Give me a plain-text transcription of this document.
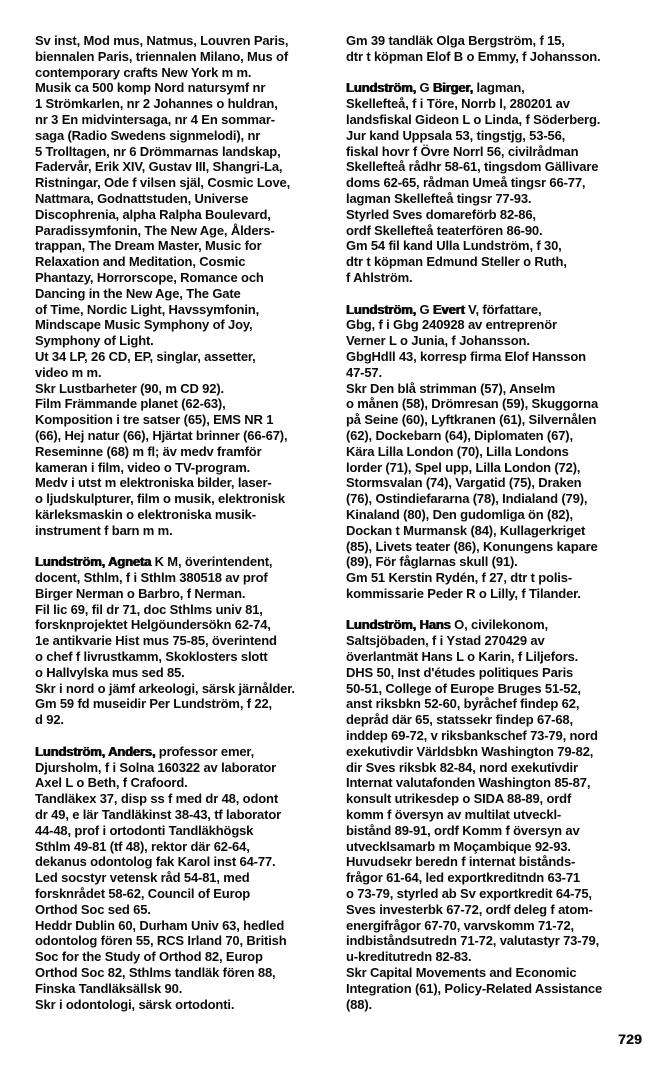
Sv inst, Mod mus, Natmus, Louvren Paris,
biennalen Paris, triennalen Milano, Mus of
contemporary crafts New York m m.
Musik ca 500 komp Nord natursymf nr
1 Strömkarlen, nr 2 Johannes o huldran,
nr 3 En midvintersaga, nr 4 En sommar-
saga (Radio Swedens signmelodi), nr
5 Trolltagen, nr 6 Drömmarnas landskap,
Fadervår, Erik XIV, Gustav III, Shangri-La,
Ristningar, Ode f vilsen själ, Cosmic Love,
Nattmara, Godnattstuden, Universe
Discophrenia, alpha Ralpha Boulevard,
Paradissymfonin, The New Age, Ålders-
trappan, The Dream Master, Music for
Relaxation and Meditation, Cosmic
Phantazy, Horrorscope, Romance och
Dancing in the New Age, The Gate
of Time, Nordic Light, Havssymfonin,
Mindscape Music Symphony of Joy,
Symphony of Light.
Ut 34 LP, 26 CD, EP, singlar, assetter,
video m m.
Skr Lustbarheter (90, m CD 92).
Film Främmande planet (62-63),
Komposition i tre satser (65), EMS NR 1
(66), Hej natur (66), Hjärtat brinner (66-67),
Reseminne (68) m fl; äv medv framför
kameran i film, video o TV-program.
Medv i utst m elektroniska bilder, laser-
o ljudskulpturer, film o musik, elektronisk
kärleksmaskin o elektroniska musik-
instrument f barn m m.
Lundström, Agneta K M, överintendent,
docent, Sthlm, f i Sthlm 380518 av prof
Birger Nerman o Barbro, f Nerman.
Fil lic 69, fil dr 71, doc Sthlms univ 81,
forsknprojektet Helgöundersökn 62-74,
1e antikvarie Hist mus 75-85, överintend
o chef f livrustkamm, Skoklosters slott
o Hallvylska mus sed 85.
Skr i nord o jämf arkeologi, särsk järnålder.
Gm 59 fd museidir Per Lundström, f 22,
d 92.
Lundström, Anders, professor emer,
Djursholm, f i Solna 160322 av laborator
Axel L o Beth, f Crafoord.
Tandläkex 37, disp ss f med dr 48, odont
dr 49, e lär Tandläkinst 38-43, tf laborator
44-48, prof i ortodonti Tandläkhögsk
Sthlm 49-81 (tf 48), rektor där 62-64,
dekanus odontolog fak Karol inst 64-77.
Led socstyr vetensk råd 54-81, med
forsknrådet 58-62, Council of Europ
Orthod Soc sed 65.
Heddr Dublin 60, Durham Univ 63, hedled
odontolog fören 55, RCS Irland 70, British
Soc for the Study of Orthod 82, Europ
Orthod Soc 82, Sthlms tandläk fören 88,
Finska Tandläksällsk 90.
Skr i odontologi, särsk ortodonti.
Gm 39 tandläk Olga Bergström, f 15,
dtr t köpman Elof B o Emmy, f Johansson.
Lundström, G Birger, lagman,
Skellefteå, f i Töre, Norrb l, 280201 av
landsfiskal Gideon L o Linda, f Söderberg.
Jur kand Uppsala 53, tingstjg, 53-56,
fiskal hovr f Övre Norrl 56, civilrådman
Skellefteå rådhr 58-61, tingsdom Gällivare
doms 62-65, rådman Umeå tingsr 66-77,
lagman Skellefteå tingsr 77-93.
Styrled Sves domareförb 82-86,
ordf Skellefteå teaterfören 86-90.
Gm 54 fil kand Ulla Lundström, f 30,
dtr t köpman Edmund Steller o Ruth,
f Ahlström.
Lundström, G Evert V, författare,
Gbg, f i Gbg 240928 av entreprenör
Verner L o Junia, f Johansson.
GbgHdll 43, korresp firma Elof Hansson
47-57.
Skr Den blå strimman (57), Anselm
o månen (58), Drömresan (59), Skuggorna
på Seine (60), Lyftkranen (61), Silvernålen
(62), Dockebarn (64), Diplomaten (67),
Kära Lilla London (70), Lilla Londons
lorder (71), Spel upp, Lilla London (72),
Stormsvalan (74), Vargatid (75), Draken
(76), Ostindiefararna (78), Indialand (79),
Kinaland (80), Den gudomliga ön (82),
Dockan t Murmansk (84), Kullagerkriget
(85), Livets teater (86), Konungens kapare
(89), För fåglarnas skull (91).
Gm 51 Kerstin Rydén, f 27, dtr t polis-
kommissarie Peder R o Lilly, f Tilander.
Lundström, Hans O, civilekonom,
Saltsjöbaden, f i Ystad 270429 av
överlantmät Hans L o Karin, f Liljefors.
DHS 50, Inst d'études politiques Paris
50-51, College of Europe Bruges 51-52,
anst riksbkn 52-60, byråchef findep 62,
depråd där 65, statssekr findep 67-68,
inddep 69-72, v riksbankschef 73-79, nord
exekutivdir Världsbkn Washington 79-82,
dir Sves riksbk 82-84, nord exekutivdir
Internat valutafonden Washington 85-87,
konsult utrikesdep o SIDA 88-89, ordf
komm f översyn av multilat utveckl-
bistånd 89-91, ordf Komm f översyn av
utvecklsamarb m Moçambique 92-93.
Huvudsekr beredn f internat bistånds-
frågor 61-64, led exportkreditndn 63-71
o 73-79, styrled ab Sv exportkredit 64-75,
Sves investerbk 67-72, ordf deleg f atom-
energifrågor 67-70, varvskomm 71-72,
indbiståndsutredn 71-72, valutastyr 73-79,
u-kreditutredn 82-83.
Skr Capital Movements and Economic
Integration (61), Policy-Related Assistance
(88).
729
